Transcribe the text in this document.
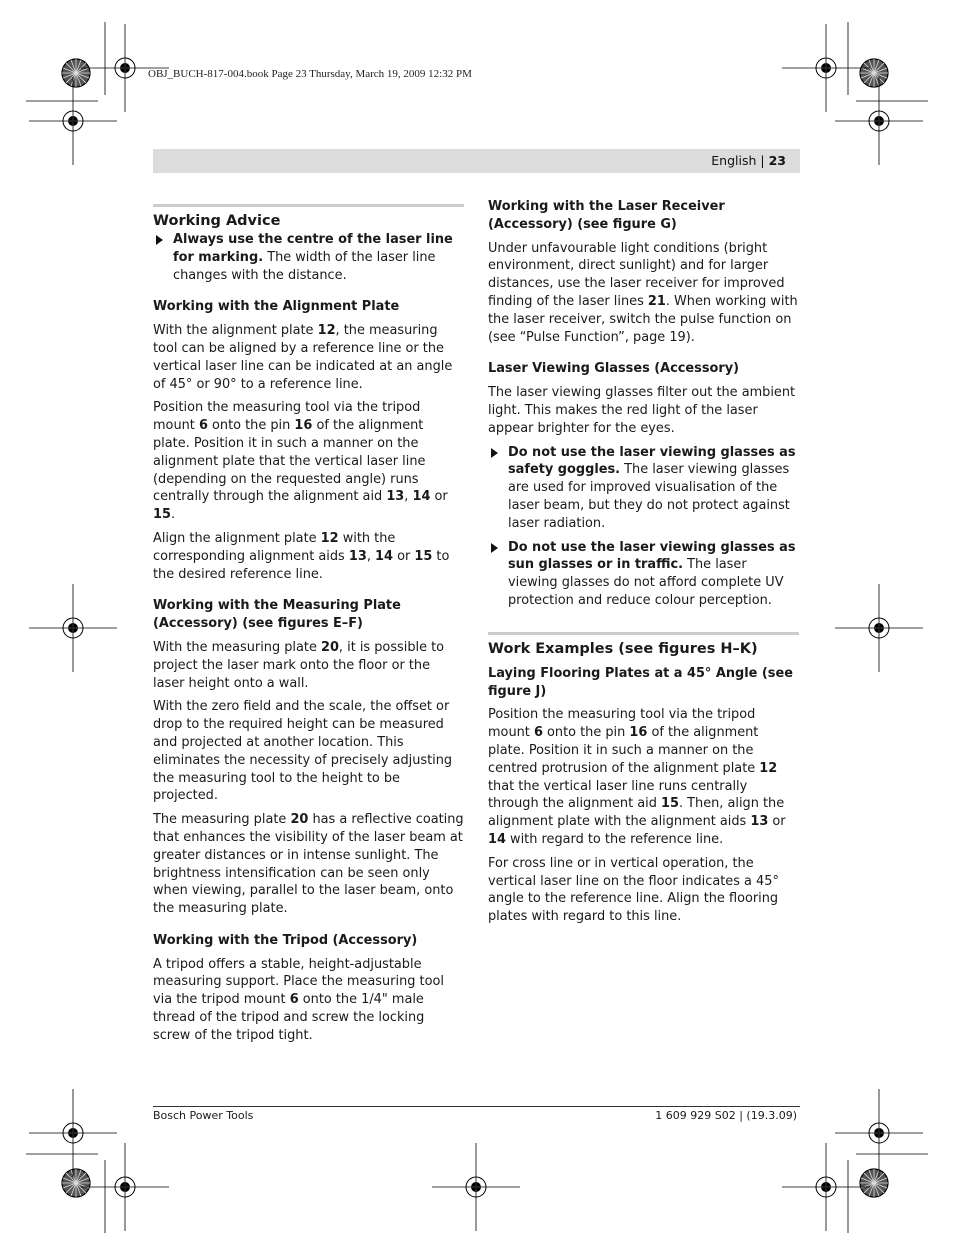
OBJ_BUCH-817-004.book Page 23 Thursday, March 19, 2009 12:32 PM
English | 23
Working Advice
Always use the centre of the laser line for marking. The width of the laser line changes with the distance.
Working with the Alignment Plate

With the alignment plate 12, the measuring tool can be aligned by a reference line or the vertical laser line can be indicated at an angle of 45° or 90° to a reference line.

Position the measuring tool via the tripod mount 6 onto the pin 16 of the alignment plate. Position it in such a manner on the alignment plate that the vertical laser line (depending on the requested angle) runs centrally through the alignment aid 13, 14 or 15.

Align the alignment plate 12 with the corresponding alignment aids 13, 14 or 15 to the desired reference line.

Working with the Measuring Plate (Accessory) (see figures E–F)

With the measuring plate 20, it is possible to project the laser mark onto the floor or the laser height onto a wall.

With the zero field and the scale, the offset or drop to the required height can be measured and projected at another location. This eliminates the necessity of precisely adjusting the measuring tool to the height to be projected.

The measuring plate 20 has a reflective coating that enhances the visibility of the laser beam at greater distances or in intense sunlight. The brightness intensification can be seen only when viewing, parallel to the laser beam, onto the measuring plate.

Working with the Tripod (Accessory)

A tripod offers a stable, height-adjustable measuring support. Place the measuring tool via the tripod mount 6 onto the 1/4" male thread of the tripod and screw the locking screw of the tripod tight.

Working with the Laser Receiver (Accessory) (see figure G)

Under unfavourable light conditions (bright environment, direct sunlight) and for larger distances, use the laser receiver for improved finding of the laser lines 21. When working with the laser receiver, switch the pulse function on (see “Pulse Function”, page 19).

Laser Viewing Glasses (Accessory)

The laser viewing glasses filter out the ambient light. This makes the red light of the laser appear brighter for the eyes.

Do not use the laser viewing glasses as safety goggles. The laser viewing glasses are used for improved visualisation of the laser beam, but they do not protect against laser radiation.
Do not use the laser viewing glasses as sun glasses or in traffic. The laser viewing glasses do not afford complete UV protection and reduce colour perception.
Work Examples (see figures H–K)
Laying Flooring Plates at a 45° Angle (see figure J)

Position the measuring tool via the tripod mount 6 onto the pin 16 of the alignment plate. Position it in such a manner on the centred protrusion of the alignment plate 12 that the vertical laser line runs centrally through the alignment aid 15. Then, align the alignment plate with the alignment aids 13 or 14 with regard to the reference line.

For cross line or in vertical operation, the vertical laser line on the floor indicates a 45° angle to the reference line. Align the flooring plates with regard to this line.

Bosch Power Tools	1 609 929 S02 | (19.3.09)
